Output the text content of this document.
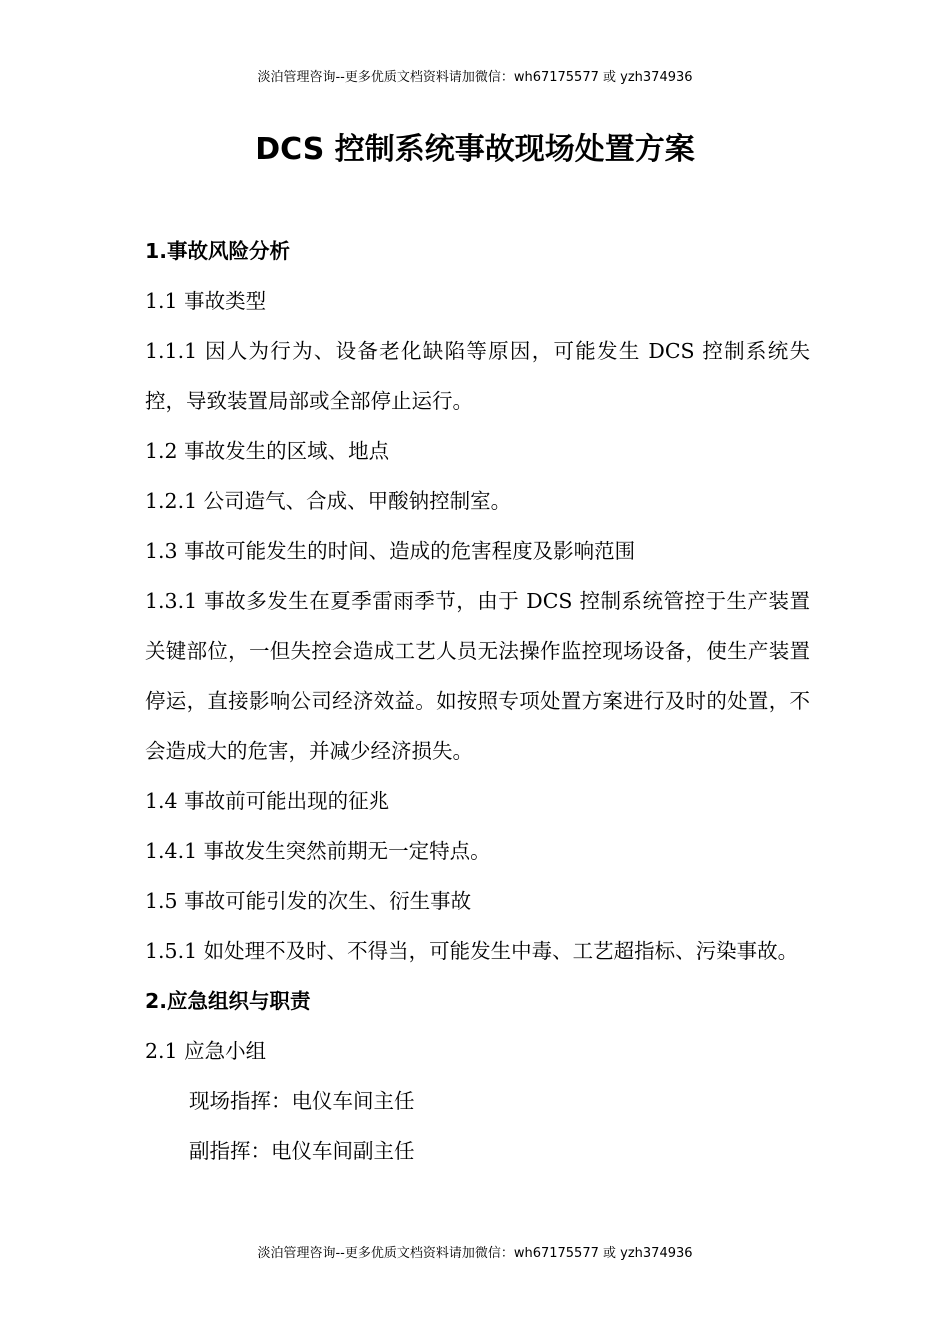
淡泊管理咨询--更多优质文档资料请加微信：wh67175577 或 yzh374936
DCS 控制系统事故现场处置方案

1.事故风险分析

1.1 事故类型

1.1.1 因人为行为、设备老化缺陷等原因，可能发生 DCS 控制系统失控，导致装置局部或全部停止运行。

1.2 事故发生的区域、地点

1.2.1 公司造气、合成、甲酸钠控制室。

1.3 事故可能发生的时间、造成的危害程度及影响范围

1.3.1 事故多发生在夏季雷雨季节，由于 DCS 控制系统管控于生产装置关键部位，一但失控会造成工艺人员无法操作监控现场设备，使生产装置停运，直接影响公司经济效益。如按照专项处置方案进行及时的处置，不会造成大的危害，并减少经济损失。

1.4 事故前可能出现的征兆

1.4.1 事故发生突然前期无一定特点。

1.5 事故可能引发的次生、衍生事故

1.5.1 如处理不及时、不得当，可能发生中毒、工艺超指标、污染事故。

2.应急组织与职责

2.1 应急小组

现场指挥：电仪车间主任

副指挥：电仪车间副主任

淡泊管理咨询--更多优质文档资料请加微信：wh67175577 或 yzh374936
